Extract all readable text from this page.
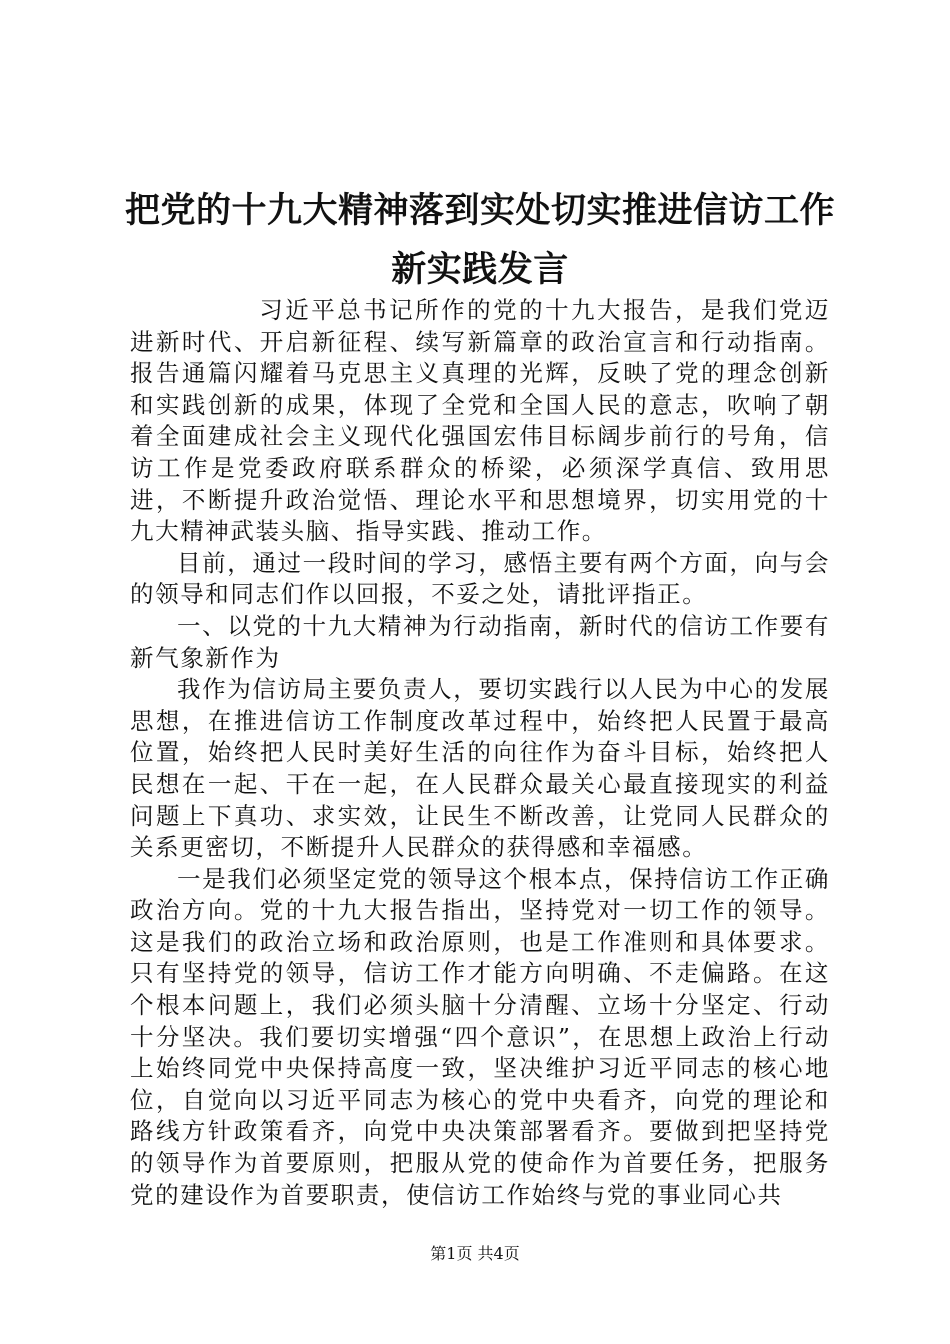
把党的十九大精神落到实处切实推进信访工作
新实践发言

习近平总书记所作的党的十九大报告，是我们党迈进新时代、开启新征程、续写新篇章的政治宣言和行动指南。报告通篇闪耀着马克思主义真理的光辉，反映了党的理念创新和实践创新的成果，体现了全党和全国人民的意志，吹响了朝着全面建成社会主义现代化强国宏伟目标阔步前行的号角，信访工作是党委政府联系群众的桥梁，必须深学真信、致用思进，不断提升政治觉悟、理论水平和思想境界，切实用党的十九大精神武装头脑、指导实践、推动工作。

目前，通过一段时间的学习，感悟主要有两个方面，向与会的领导和同志们作以回报，不妥之处，请批评指正。

一、以党的十九大精神为行动指南，新时代的信访工作要有新气象新作为

我作为信访局主要负责人，要切实践行以人民为中心的发展思想，在推进信访工作制度改革过程中，始终把人民置于最高位置，始终把人民时美好生活的向往作为奋斗目标，始终把人民想在一起、干在一起，在人民群众最关心最直接现实的利益问题上下真功、求实效，让民生不断改善，让党同人民群众的关系更密切，不断提升人民群众的获得感和幸福感。

一是我们必须坚定党的领导这个根本点，保持信访工作正确政治方向。党的十九大报告指出，坚持党对一切工作的领导。这是我们的政治立场和政治原则，也是工作准则和具体要求。只有坚持党的领导，信访工作才能方向明确、不走偏路。在这个根本问题上，我们必须头脑十分清醒、立场十分坚定、行动十分坚决。我们要切实增强“四个意识”，在思想上政治上行动上始终同党中央保持高度一致，坚决维护习近平同志的核心地位，自觉向以习近平同志为核心的党中央看齐，向党的理论和路线方针政策看齐，向党中央决策部署看齐。要做到把坚持党的领导作为首要原则，把服从党的使命作为首要任务，把服务党的建设作为首要职责，使信访工作始终与党的事业同心共

第1页 共4页
